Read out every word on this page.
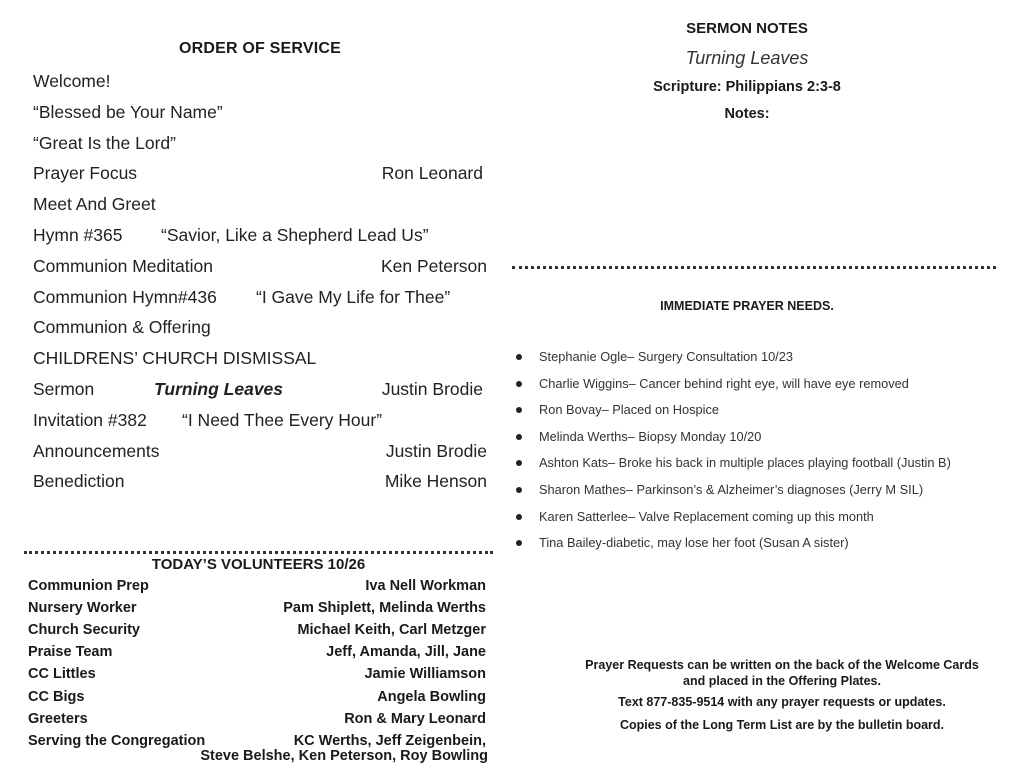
ORDER OF SERVICE
Welcome!
“Blessed be Your Name”
“Great Is the Lord”
Prayer Focus	Ron Leonard
Meet And Greet
Hymn #365 “Savior, Like a Shepherd Lead Us”
Communion Meditation	Ken Peterson
Communion Hymn#436 “I Gave My Life for Thee”
Communion & Offering
CHILDRENS’ CHURCH DISMISSAL
Sermon	Turning Leaves	Justin Brodie
Invitation #382 “I Need Thee Every Hour”
Announcements	Justin Brodie
Benediction	Mike Henson
TODAY’S VOLUNTEERS 10/26
Communion Prep	Iva Nell Workman
Nursery Worker	Pam Shiplett, Melinda Werths
Church Security	Michael Keith, Carl Metzger
Praise Team	Jeff, Amanda, Jill, Jane
CC Littles	Jamie Williamson
CC Bigs	Angela Bowling
Greeters	Ron & Mary Leonard
Serving the Congregation	KC Werths, Jeff Zeigenbein,
Steve Belshe, Ken Peterson, Roy Bowling
SERMON NOTES
Turning Leaves
Scripture: Philippians 2:3-8
Notes:
IMMEDIATE PRAYER NEEDS.
Stephanie Ogle– Surgery Consultation 10/23
Charlie Wiggins– Cancer behind right eye, will have eye removed
Ron Bovay– Placed on Hospice
Melinda Werths– Biopsy Monday 10/20
Ashton Kats– Broke his back in multiple places playing football (Justin B)
Sharon Mathes– Parkinson’s & Alzheimer’s diagnoses (Jerry M SIL)
Karen Satterlee– Valve Replacement coming up this month
Tina Bailey-diabetic, may lose her foot (Susan A sister)
Prayer Requests can be written on the back of the Welcome Cards
and placed in the Offering Plates.
Text 877-835-9514 with any prayer requests or updates.
Copies of the Long Term List are by the bulletin board.
